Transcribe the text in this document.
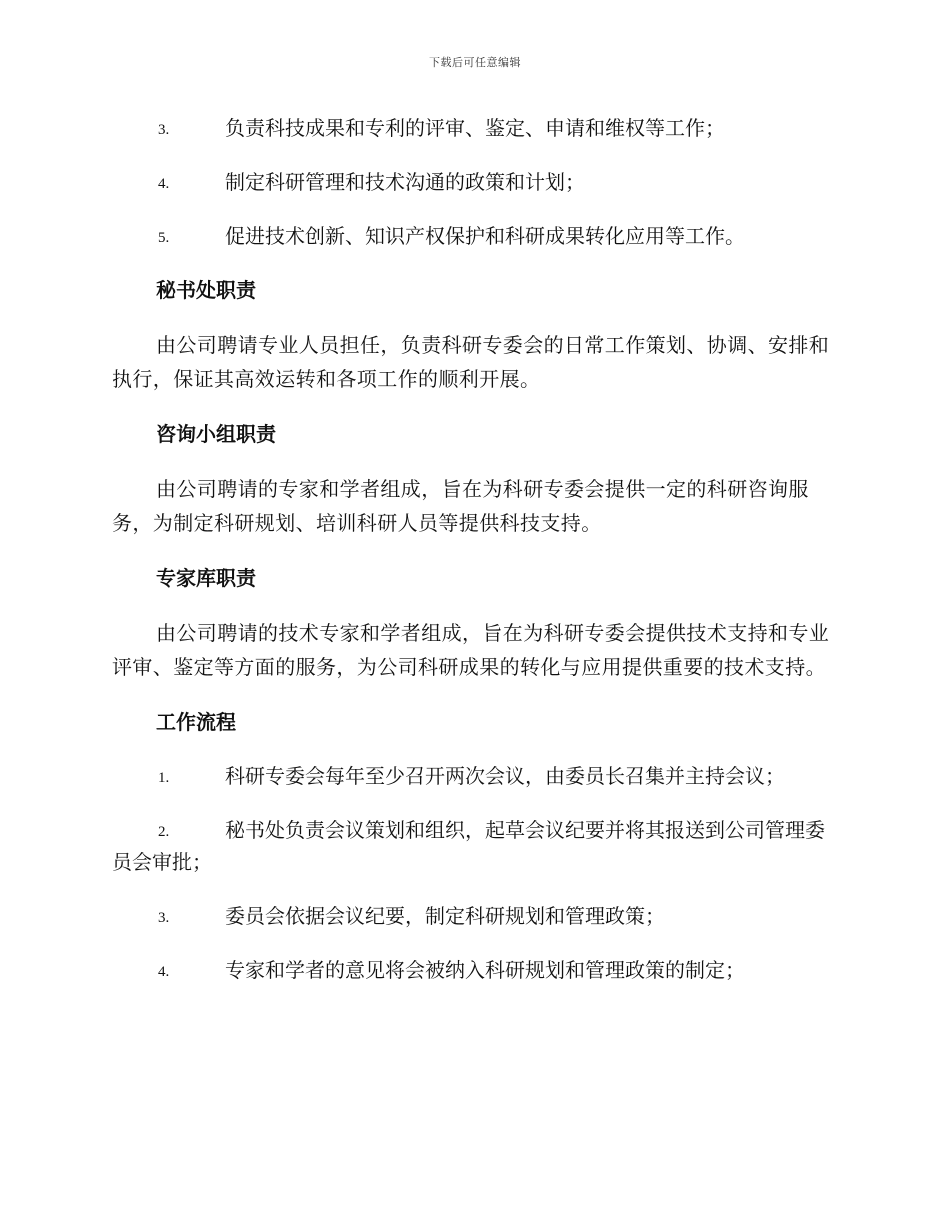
下载后可任意编辑
3.	负责科技成果和专利的评审、鉴定、申请和维权等工作；
4.	制定科研管理和技术沟通的政策和计划；
5.	促进技术创新、知识产权保护和科研成果转化应用等工作。
秘书处职责
由公司聘请专业人员担任，负责科研专委会的日常工作策划、协调、安排和执行，保证其高效运转和各项工作的顺利开展。
咨询小组职责
由公司聘请的专家和学者组成，旨在为科研专委会提供一定的科研咨询服务，为制定科研规划、培训科研人员等提供科技支持。
专家库职责
由公司聘请的技术专家和学者组成，旨在为科研专委会提供技术支持和专业评审、鉴定等方面的服务，为公司科研成果的转化与应用提供重要的技术支持。
工作流程
1.	科研专委会每年至少召开两次会议，由委员长召集并主持会议；
2.	秘书处负责会议策划和组织，起草会议纪要并将其报送到公司管理委员会审批；
3.	委员会依据会议纪要，制定科研规划和管理政策；
4.	专家和学者的意见将会被纳入科研规划和管理政策的制定；
